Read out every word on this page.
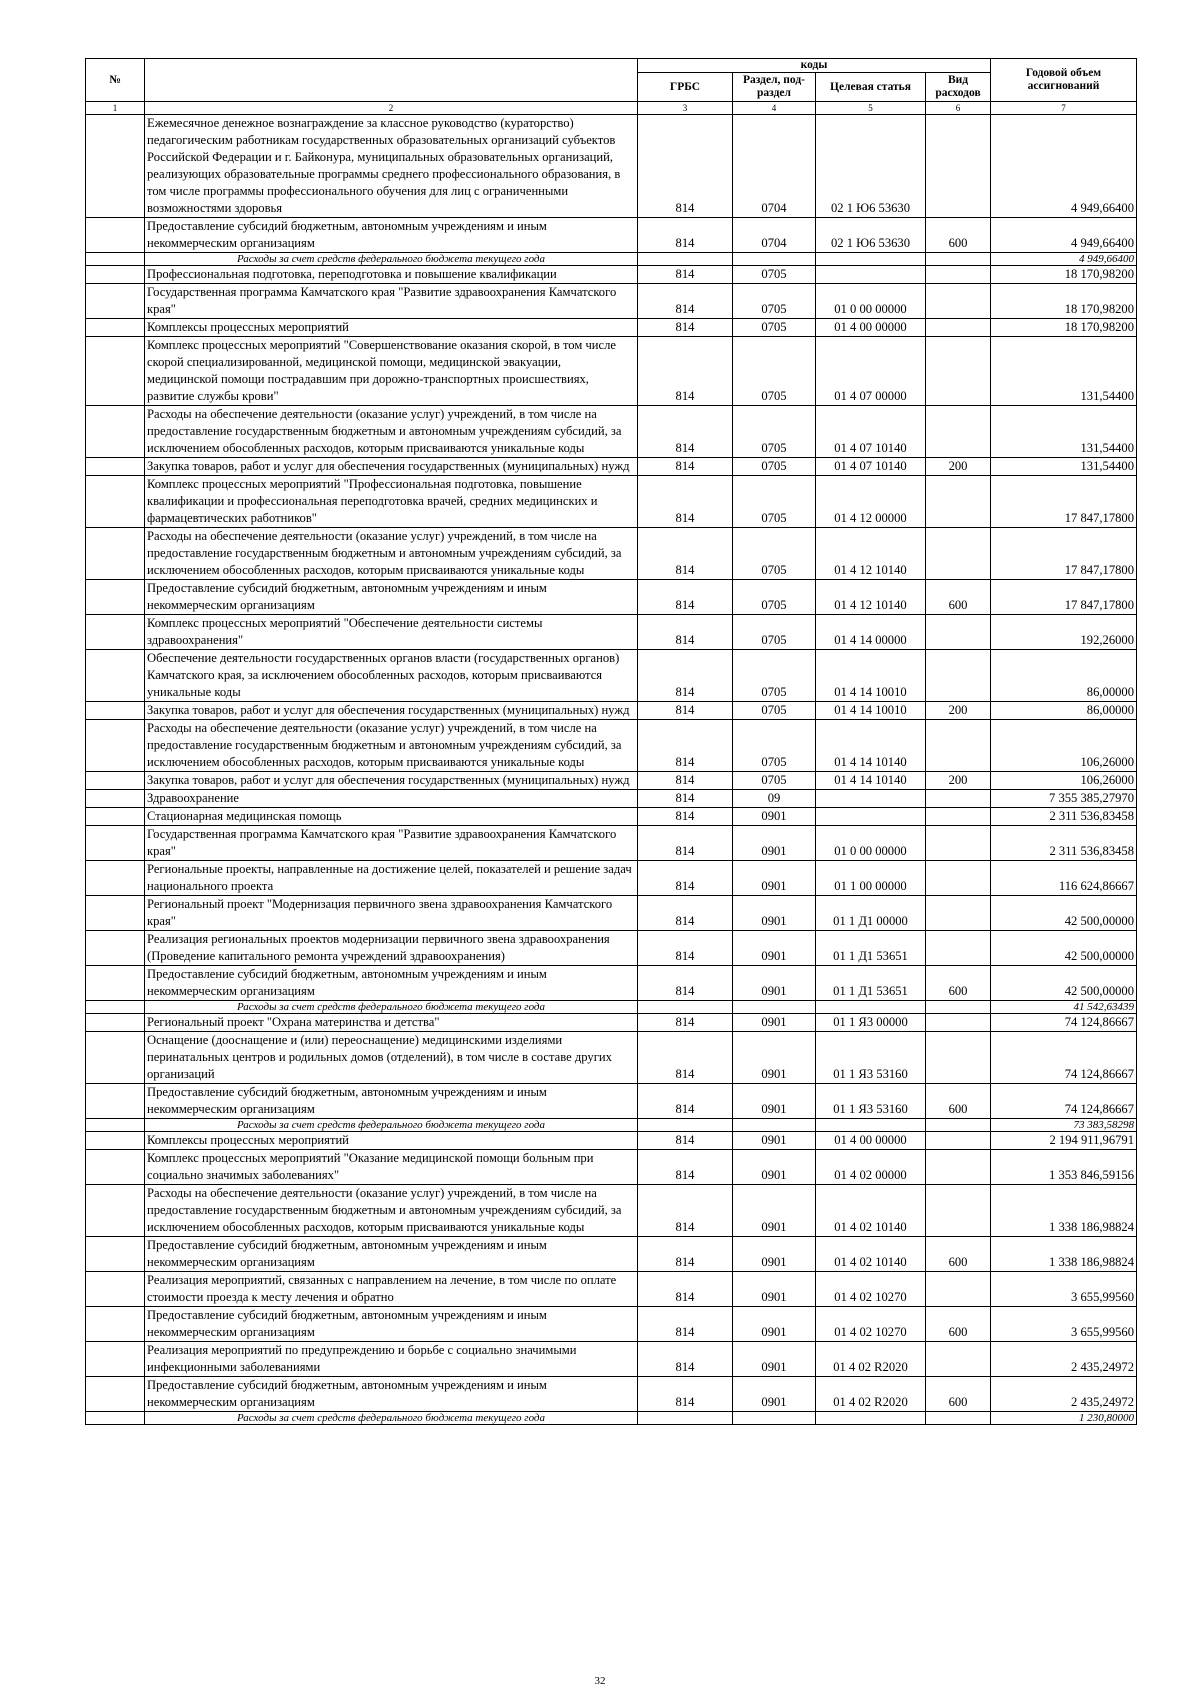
№		коды				Годовой объем ассигнований
		ГРБС	Раздел, под-раздел	Целевая статья	Вид расходов	
1	2	3	4	5	6	7
	Ежемесячное денежное вознаграждение за классное руководство (кураторство) педагогическим работникам государственных образовательных организаций субъектов Российской Федерации и г. Байконура, муниципальных образовательных организаций, реализующих образовательные программы среднего профессионального образования, в том числе программы профессионального обучения для лиц с ограниченными возможностями здоровья	814	0704	02 1 Ю6 53630		4 949,66400
	Предоставление субсидий бюджетным, автономным учреждениям и иным некоммерческим организациям	814	0704	02 1 Ю6 53630	600	4 949,66400
	Расходы за счет средств федерального бюджета текущего года					4 949,66400
	Профессиональная подготовка, переподготовка и повышение квалификации	814	0705			18 170,98200
	Государственная программа Камчатского края "Развитие здравоохранения Камчатского края"	814	0705	01 0 00 00000		18 170,98200
	Комплексы процессных мероприятий	814	0705	01 4 00 00000		18 170,98200
	Комплекс процессных мероприятий "Совершенствование оказания скорой, в том числе скорой специализированной, медицинской помощи, медицинской эвакуации, медицинской помощи пострадавшим при дорожно-транспортных происшествиях, развитие службы крови"	814	0705	01 4 07 00000		131,54400
	Расходы на обеспечение деятельности (оказание услуг) учреждений, в том числе на предоставление государственным бюджетным и автономным учреждениям субсидий, за исключением обособленных расходов, которым присваиваются уникальные коды	814	0705	01 4 07 10140		131,54400
	Закупка товаров, работ и услуг для обеспечения государственных (муниципальных) нужд	814	0705	01 4 07 10140	200	131,54400
	Комплекс процессных мероприятий "Профессиональная подготовка, повышение квалификации и профессиональная переподготовка врачей, средних медицинских и фармацевтических работников"	814	0705	01 4 12 00000		17 847,17800
	Расходы на обеспечение деятельности (оказание услуг) учреждений, в том числе на предоставление государственным бюджетным и автономным учреждениям субсидий, за исключением обособленных расходов, которым присваиваются уникальные коды	814	0705	01 4 12 10140		17 847,17800
	Предоставление субсидий бюджетным, автономным учреждениям и иным некоммерческим организациям	814	0705	01 4 12 10140	600	17 847,17800
	Комплекс процессных мероприятий "Обеспечение деятельности системы здравоохранения"	814	0705	01 4 14 00000		192,26000
	Обеспечение деятельности государственных органов власти (государственных органов) Камчатского края, за исключением обособленных расходов, которым присваиваются уникальные коды	814	0705	01 4 14 10010		86,00000
	Закупка товаров, работ и услуг для обеспечения государственных (муниципальных) нужд	814	0705	01 4 14 10010	200	86,00000
	Расходы на обеспечение деятельности (оказание услуг) учреждений, в том числе на предоставление государственным бюджетным и автономным учреждениям субсидий, за исключением обособленных расходов, которым присваиваются уникальные коды	814	0705	01 4 14 10140		106,26000
	Закупка товаров, работ и услуг для обеспечения государственных (муниципальных) нужд	814	0705	01 4 14 10140	200	106,26000
	Здравоохранение	814	09			7 355 385,27970
	Стационарная медицинская помощь	814	0901			2 311 536,83458
	Государственная программа Камчатского края "Развитие здравоохранения Камчатского края"	814	0901	01 0 00 00000		2 311 536,83458
	Региональные проекты, направленные на достижение целей, показателей и решение задач национального проекта	814	0901	01 1 00 00000		116 624,86667
	Региональный проект "Модернизация первичного звена здравоохранения Камчатского края"	814	0901	01 1 Д1 00000		42 500,00000
	Реализация региональных проектов модернизации первичного звена здравоохранения (Проведение капитального ремонта учреждений здравоохранения)	814	0901	01 1 Д1 53651		42 500,00000
	Предоставление субсидий бюджетным, автономным учреждениям и иным некоммерческим организациям	814	0901	01 1 Д1 53651	600	42 500,00000
	Расходы за счет средств федерального бюджета текущего года					41 542,63439
	Региональный проект "Охрана материнства и детства"	814	0901	01 1 Я3 00000		74 124,86667
	Оснащение (дооснащение и (или) переоснащение) медицинскими изделиями перинатальных центров и родильных домов (отделений), в том числе в составе других организаций	814	0901	01 1 Я3 53160		74 124,86667
	Предоставление субсидий бюджетным, автономным учреждениям и иным некоммерческим организациям	814	0901	01 1 Я3 53160	600	74 124,86667
	Расходы за счет средств федерального бюджета текущего года					73 383,58298
	Комплексы процессных мероприятий	814	0901	01 4 00 00000		2 194 911,96791
	Комплекс процессных мероприятий "Оказание медицинской помощи больным при социально значимых заболеваниях"	814	0901	01 4 02 00000		1 353 846,59156
	Расходы на обеспечение деятельности (оказание услуг) учреждений, в том числе на предоставление государственным бюджетным и автономным учреждениям субсидий, за исключением обособленных расходов, которым присваиваются уникальные коды	814	0901	01 4 02 10140		1 338 186,98824
	Предоставление субсидий бюджетным, автономным учреждениям и иным некоммерческим организациям	814	0901	01 4 02 10140	600	1 338 186,98824
	Реализация мероприятий, связанных с направлением на лечение, в том числе по оплате стоимости проезда к месту лечения и обратно	814	0901	01 4 02 10270		3 655,99560
	Предоставление субсидий бюджетным, автономным учреждениям и иным некоммерческим организациям	814	0901	01 4 02 10270	600	3 655,99560
	Реализация мероприятий по предупреждению и борьбе с социально значимыми инфекционными заболеваниями	814	0901	01 4 02 R2020		2 435,24972
	Предоставление субсидий бюджетным, автономным учреждениям и иным некоммерческим организациям	814	0901	01 4 02 R2020	600	2 435,24972
	Расходы за счет средств федерального бюджета текущего года					1 230,80000
32
